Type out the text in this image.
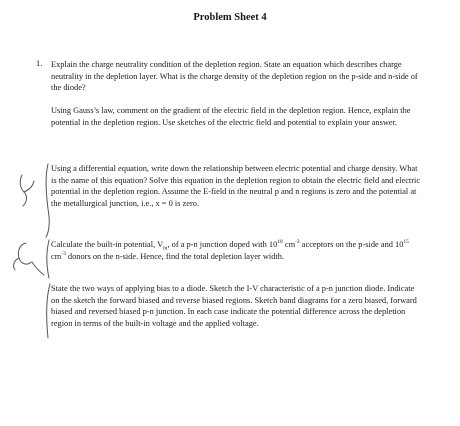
Problem Sheet 4
1. Explain the charge neutrality condition of the depletion region. State an equation which describes charge neutrality in the depletion layer. What is the charge density of the depletion region on the p-side and n-side of the diode?

Using Gauss’s law, comment on the gradient of the electric field in the depletion region. Hence, explain the potential in the depletion region. Use sketches of the electric field and potential to explain your answer.

Using a differential equation, write down the relationship between electric potential and charge density. What is the name of this equation? Solve this equation in the depletion region to obtain the electric field and electric potential in the depletion region. Assume the E-field in the neutral p and n regions is zero and the potential at the metallurgical junction, i.e., x = 0 is zero.

Calculate the built-in potential, $V_{bi}$, of a p-n junction doped with $10^{18}$ $cm^{-3}$ acceptors on the p-side and $10^{15}$ $cm^{-3}$ donors on the n-side. Hence, find the total depletion layer width.

State the two ways of applying bias to a diode. Sketch the I-V characteristic of a p-n junction diode. Indicate on the sketch the forward biased and reverse biased regions. Sketch band diagrams for a zero biased, forward biased and reversed biased p-n junction. In each case indicate the potential difference across the depletion region in terms of the built-in voltage and the applied voltage.
